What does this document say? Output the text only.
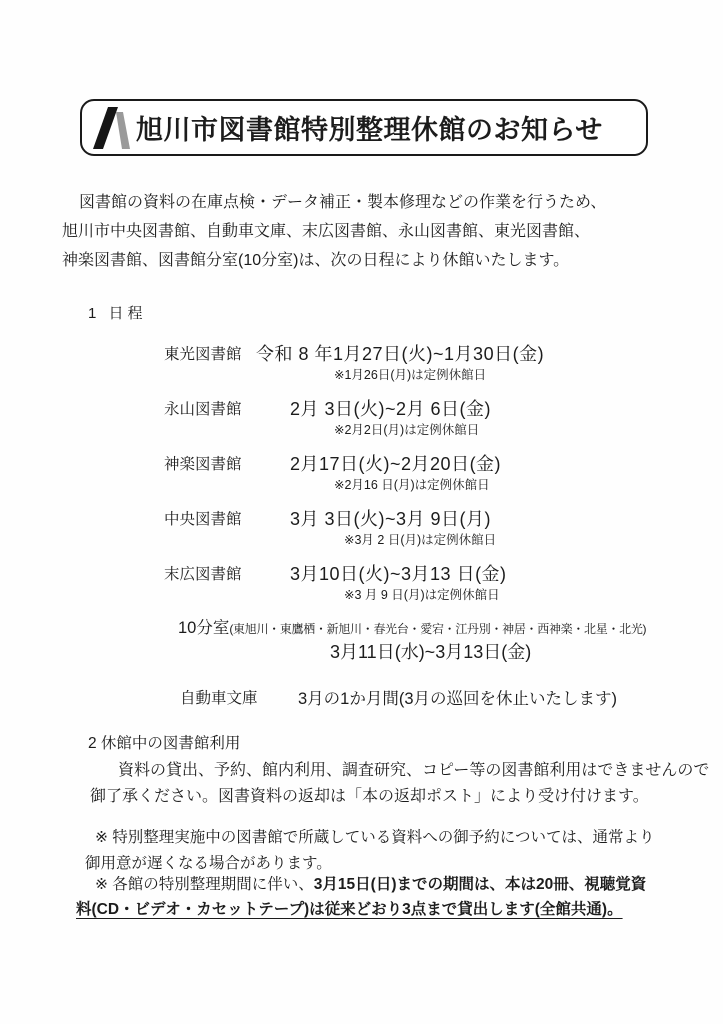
旭川市図書館特別整理休館のお知らせ
図書館の資料の在庫点検・データ補正・製本修理などの作業を行うため、
旭川市中央図書館、自動車文庫、末広図書館、永山図書館、東光図書館、
神楽図書館、図書館分室(10分室)は、次の日程により休館いたします。
1 日程
東光図書館 令和 8 年1月27日(火)~1月30日(金)
※1月26日(月)は定例休館日
永山図書館	2月 3日(火)~2月 6日(金)
※2月2日(月)は定例休館日
神楽図書館	2月17日(火)~2月20日(金)
※2月16 日(月)は定例休館日
中央図書館	3月 3日(火)~3月 9日(月)
※3月 2 日(月)は定例休館日
末広図書館	3月10日(火)~3月13 日(金)
※3 月 9 日(月)は定例休館日
10分室(東旭川・東鷹栖・新旭川・春光台・愛宕・江丹別・神居・西神楽・北星・北光)
3月11日(水)~3月13日(金)
自動車文庫 3月の1か月間(3月の巡回を休止いたします)
2 休館中の図書館利用
資料の貸出、予約、館内利用、調査研究、コピー等の図書館利用はできませんので
御了承ください。図書資料の返却は「本の返却ポスト」により受け付けます。
※ 特別整理実施中の図書館で所蔵している資料への御予約については、通常より
御用意が遅くなる場合があります。
※ 各館の特別整理期間に伴い、3月15日(日)までの期間は、本は20冊、視聴覚資
料(CD・ビデオ・カセットテープ)は従来どおり3点まで貸出します(全館共通)。
